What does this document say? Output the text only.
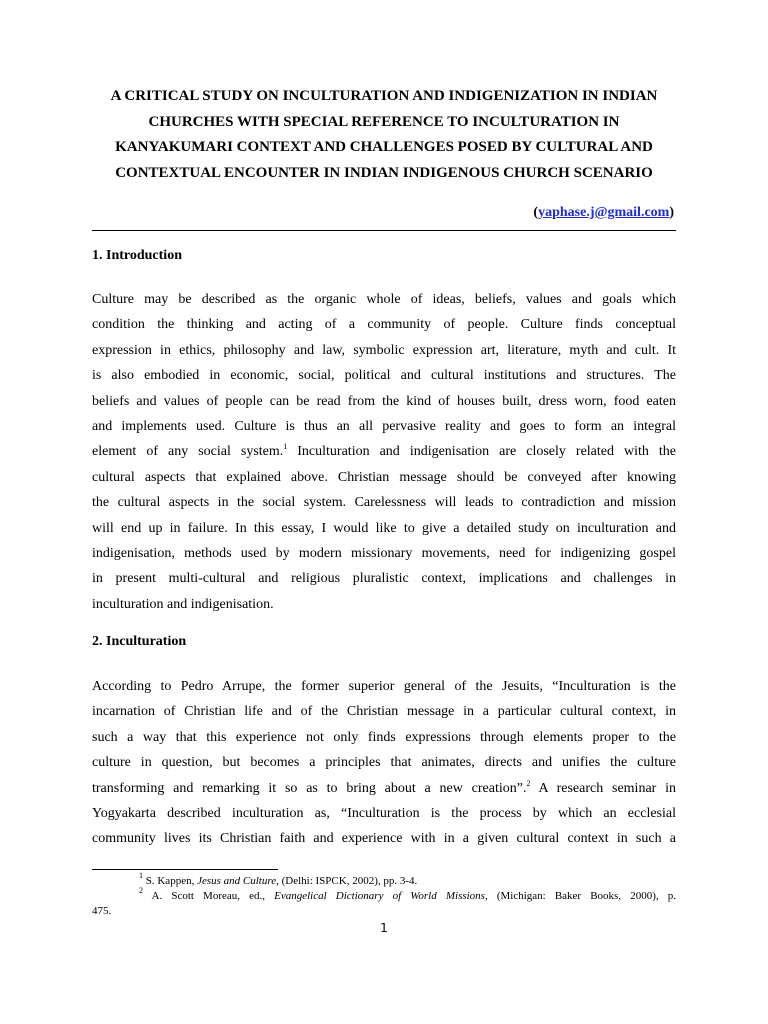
A CRITICAL STUDY ON INCULTURATION AND INDIGENIZATION IN INDIAN
CHURCHES WITH SPECIAL REFERENCE TO INCULTURATION IN
KANYAKUMARI CONTEXT AND CHALLENGES POSED BY CULTURAL AND
CONTEXTUAL ENCOUNTER IN INDIAN INDIGENOUS CHURCH SCENARIO
(yaphase.j@gmail.com)
1. Introduction
Culture may be described as the organic whole of ideas, beliefs, values and goals which
condition the thinking and acting of a community of people. Culture finds conceptual
expression in ethics, philosophy and law, symbolic expression art, literature, myth and cult. It
is also embodied in economic, social, political and cultural institutions and structures. The
beliefs and values of people can be read from the kind of houses built, dress worn, food eaten
and implements used. Culture is thus an all pervasive reality and goes to form an integral
element of any social system.$^1$ Inculturation and indigenisation are closely related with the
cultural aspects that explained above. Christian message should be conveyed after knowing
the cultural aspects in the social system. Carelessness will leads to contradiction and mission
will end up in failure. In this essay, I would like to give a detailed study on inculturation and
indigenisation, methods used by modern missionary movements, need for indigenizing gospel
in present multi-cultural and religious pluralistic context, implications and challenges in
inculturation and indigenisation.
2. Inculturation
According to Pedro Arrupe, the former superior general of the Jesuits, “Inculturation is the
incarnation of Christian life and of the Christian message in a particular cultural context, in
such a way that this experience not only finds expressions through elements proper to the
culture in question, but becomes a principles that animates, directs and unifies the culture
transforming and remarking it so as to bring about a new creation”.$^2$ A research seminar in
Yogyakarta described inculturation as, “Inculturation is the process by which an ecclesial
community lives its Christian faith and experience with in a given cultural context in such a
$^1$ S. Kappen, Jesus and Culture, (Delhi: ISPCK, 2002), pp. 3-4.
$^2$ A. Scott Moreau, ed., Evangelical Dictionary of World Missions, (Michigan: Baker Books, 2000), p.
475.
1
